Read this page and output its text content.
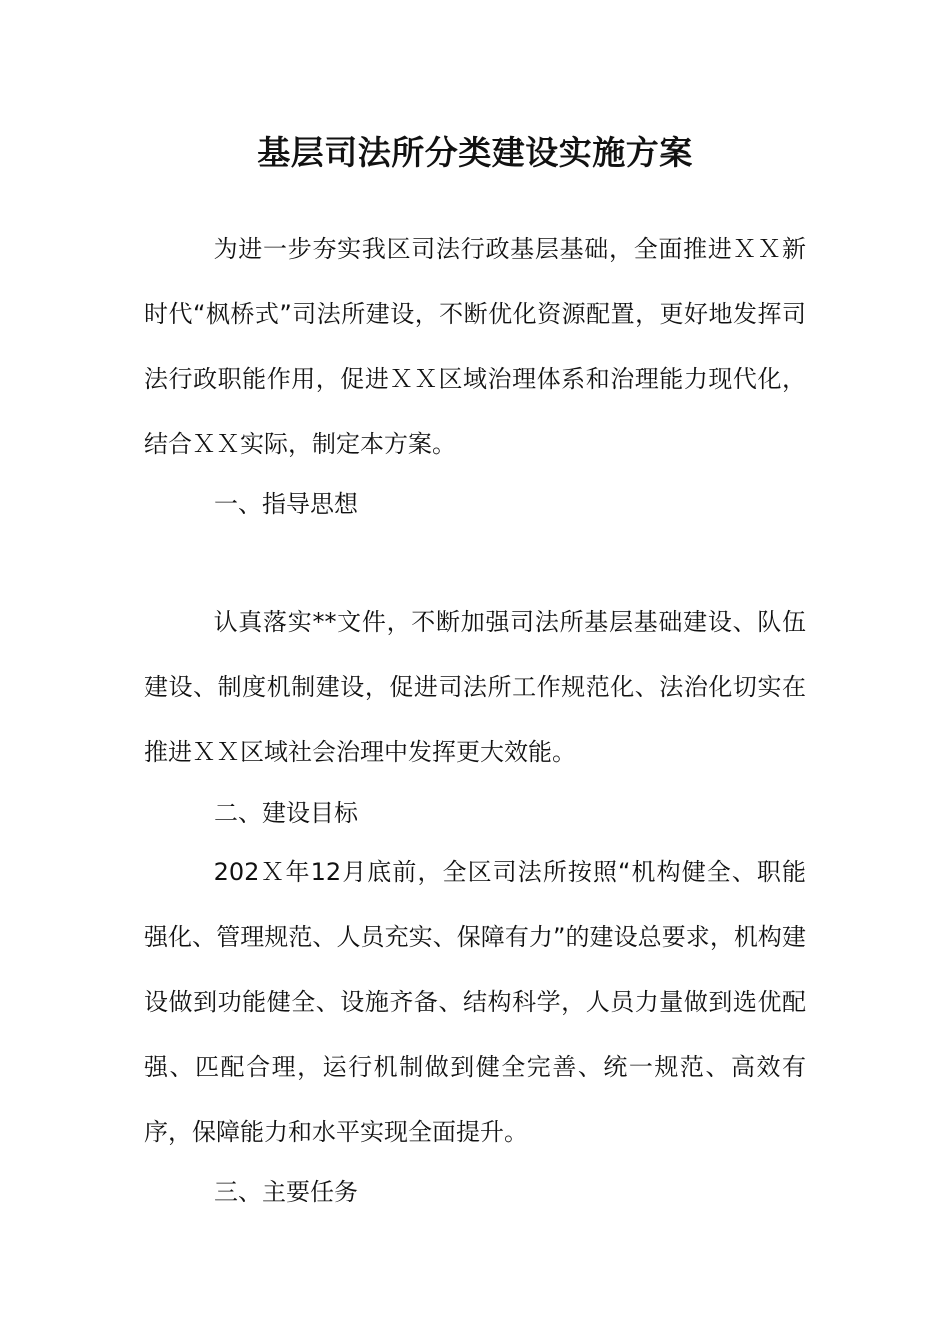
基层司法所分类建设实施方案
为进一步夯实我区司法行政基层基础，全面推进ＸＸ新时代“枫桥式”司法所建设，不断优化资源配置，更好地发挥司法行政职能作用，促进ＸＸ区域治理体系和治理能力现代化，结合ＸＸ实际，制定本方案。
一、指导思想
认真落实**文件，不断加强司法所基层基础建设、队伍建设、制度机制建设，促进司法所工作规范化、法治化切实在推进ＸＸ区域社会治理中发挥更大效能。
二、建设目标
202Ｘ年12月底前，全区司法所按照“机构健全、职能强化、管理规范、人员充实、保障有力”的建设总要求，机构建设做到功能健全、设施齐备、结构科学，人员力量做到选优配强、匹配合理，运行机制做到健全完善、统一规范、高效有序，保障能力和水平实现全面提升。
三、主要任务
